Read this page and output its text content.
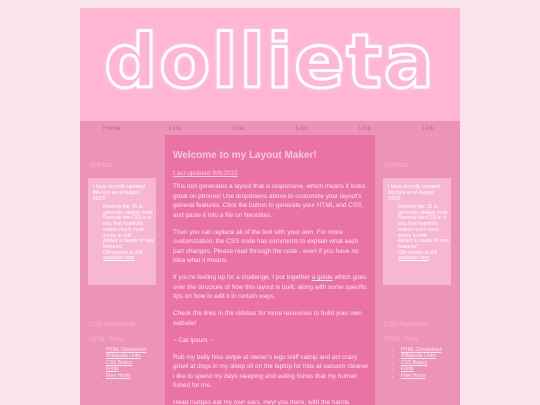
dollieta
Home	Link	Link	Link	Link	Link
Sidebar

I have recently updated this tool as of August 2022!

• Rewrote the JS to generate cleaner code
• Rewrote the CSS in a way that hopefully makes much more sense to edit
• Added a couple of new features!
• Old version is still available here
CSS Resources
HTML Tools
• HTML Cheatsheet
• Wikipedia Links
• CSS Basics
• Fonts
• Free Hosts
Welcome to my Layout Maker!
Last updated 8/6/2022

This tool generates a layout that is responsive, which means it looks great on phones! Use dropdowns above to customize your layout's general features. Click the button to generate your HTML and CSS, and paste it into a file on Neocities.

Then you can replace all of the text with your own. For more customization, the CSS code has comments to explain what each part changes. Please read through the code - even if you have no idea what it means.

If you're feeling up for a challenge, I put together a guide which goes over the structure of how this layout is built, along with some specific tips on how to edit it in certain ways.

Check the links in the sidebar for more resources to build your own website!

~ Cat Ipsum ~

Rub my belly hiss swipe at owner's legs sniff catnip and act crazy growl at dogs in my sleep sit on the laptop for hiss at vacuum cleaner i like to spend my days sleeping and eating fishes that my human fished for me.

Head nudges eat my own ears. Heyl you there, with the hands

Sidebar

I have recently updated this tool as of August 2022!

• Rewrote the JS to generate cleaner code
• Rewrote the CSS in a way that hopefully makes much more sense to edit
• Added a couple of new features!
• Old version is still available here
CSS Resources
HTML Tools
• HTML Cheatsheet
• Wikipedia Links
• CSS Basics
• Fonts
• Free Hosts
